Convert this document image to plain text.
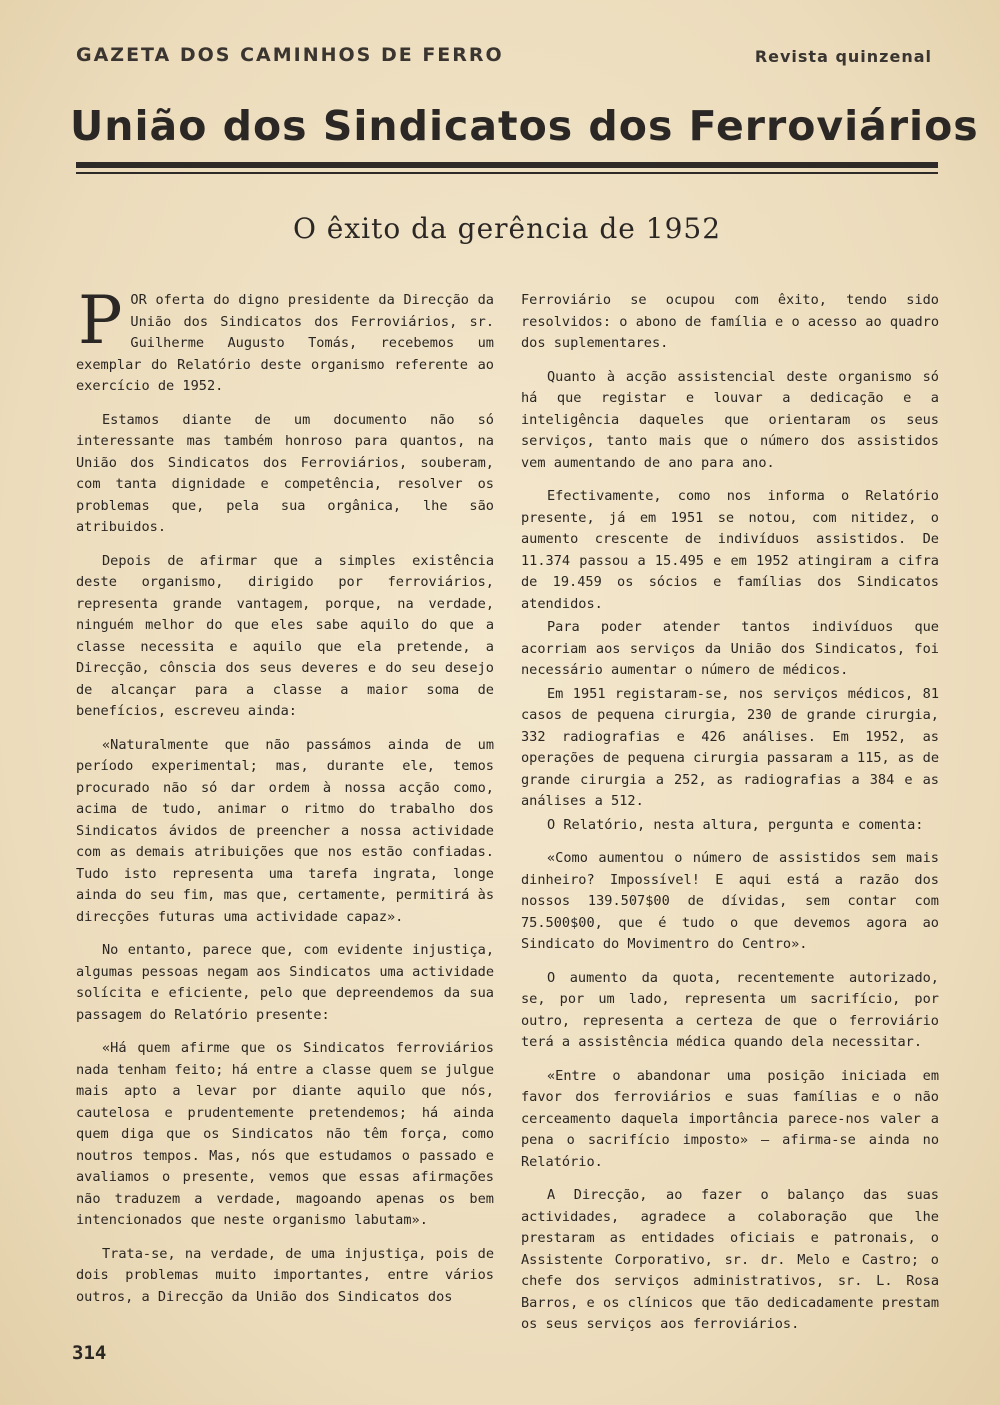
GAZETA DOS CAMINHOS DE FERRO	Revista quinzenal
União dos Sindicatos dos Ferroviários
O êxito da gerência de 1952

POR oferta do digno presidente da Direcção da União dos Sindicatos dos Ferroviários, sr. Guilherme Augusto Tomás, recebemos um exemplar do Relatório deste organismo referente ao exercício de 1952.

Estamos diante de um documento não só interessante mas também honroso para quantos, na União dos Sindicatos dos Ferroviários, souberam, com tanta dignidade e competência, resolver os problemas que, pela sua orgânica, lhe são atribuidos.

Depois de afirmar que a simples existência deste organismo, dirigido por ferroviários, representa grande vantagem, porque, na verdade, ninguém melhor do que eles sabe aquilo do que a classe necessita e aquilo que ela pretende, a Direcção, cônscia dos seus deveres e do seu desejo de alcançar para a classe a maior soma de benefícios, escreveu ainda:

«Naturalmente que não passámos ainda de um período experimental; mas, durante ele, temos procurado não só dar ordem à nossa acção como, acima de tudo, animar o ritmo do trabalho dos Sindicatos ávidos de preencher a nossa actividade com as demais atribuições que nos estão confiadas. Tudo isto representa uma tarefa ingrata, longe ainda do seu fim, mas que, certamente, permitirá às direcções futuras uma actividade capaz».

No entanto, parece que, com evidente injustiça, algumas pessoas negam aos Sindicatos uma actividade solícita e eficiente, pelo que depreendemos da sua passagem do Relatório presente:

«Há quem afirme que os Sindicatos ferroviários nada tenham feito; há entre a classe quem se julgue mais apto a levar por diante aquilo que nós, cautelosa e prudentemente pretendemos; há ainda quem diga que os Sindicatos não têm força, como noutros tempos. Mas, nós que estudamos o passado e avaliamos o presente, vemos que essas afirmações não traduzem a verdade, magoando apenas os bem intencionados que neste organismo labutam».

Trata-se, na verdade, de uma injustiça, pois de dois problemas muito importantes, entre vários outros, a Direcção da União dos Sindicatos dos

Ferroviário se ocupou com êxito, tendo sido resolvidos: o abono de família e o acesso ao quadro dos suplementares.

Quanto à acção assistencial deste organismo só há que registar e louvar a dedicação e a inteligência daqueles que orientaram os seus serviços, tanto mais que o número dos assistidos vem aumentando de ano para ano.

Efectivamente, como nos informa o Relatório presente, já em 1951 se notou, com nitidez, o aumento crescente de indivíduos assistidos. De 11.374 passou a 15.495 e em 1952 atingiram a cifra de 19.459 os sócios e famílias dos Sindicatos atendidos.

Para poder atender tantos indivíduos que acorriam aos serviços da União dos Sindicatos, foi necessário aumentar o número de médicos.

Em 1951 registaram-se, nos serviços médicos, 81 casos de pequena cirurgia, 230 de grande cirurgia, 332 radiografias e 426 análises. Em 1952, as operações de pequena cirurgia passaram a 115, as de grande cirurgia a 252, as radiografias a 384 e as análises a 512.

O Relatório, nesta altura, pergunta e comenta:

«Como aumentou o número de assistidos sem mais dinheiro? Impossível! E aqui está a razão dos nossos 139.507$00 de dívidas, sem contar com 75.500$00, que é tudo o que devemos agora ao Sindicato do Movimentro do Centro».

O aumento da quota, recentemente autorizado, se, por um lado, representa um sacrifício, por outro, representa a certeza de que o ferroviário terá a assistência médica quando dela necessitar.

«Entre o abandonar uma posição iniciada em favor dos ferroviários e suas famílias e o não cerceamento daquela importância parece-nos valer a pena o sacrifício imposto» — afirma-se ainda no Relatório.

A Direcção, ao fazer o balanço das suas actividades, agradece a colaboração que lhe prestaram as entidades oficiais e patronais, o Assistente Corporativo, sr. dr. Melo e Castro; o chefe dos serviços administrativos, sr. L. Rosa Barros, e os clínicos que tão dedicadamente prestam os seus serviços aos ferroviários.

314
